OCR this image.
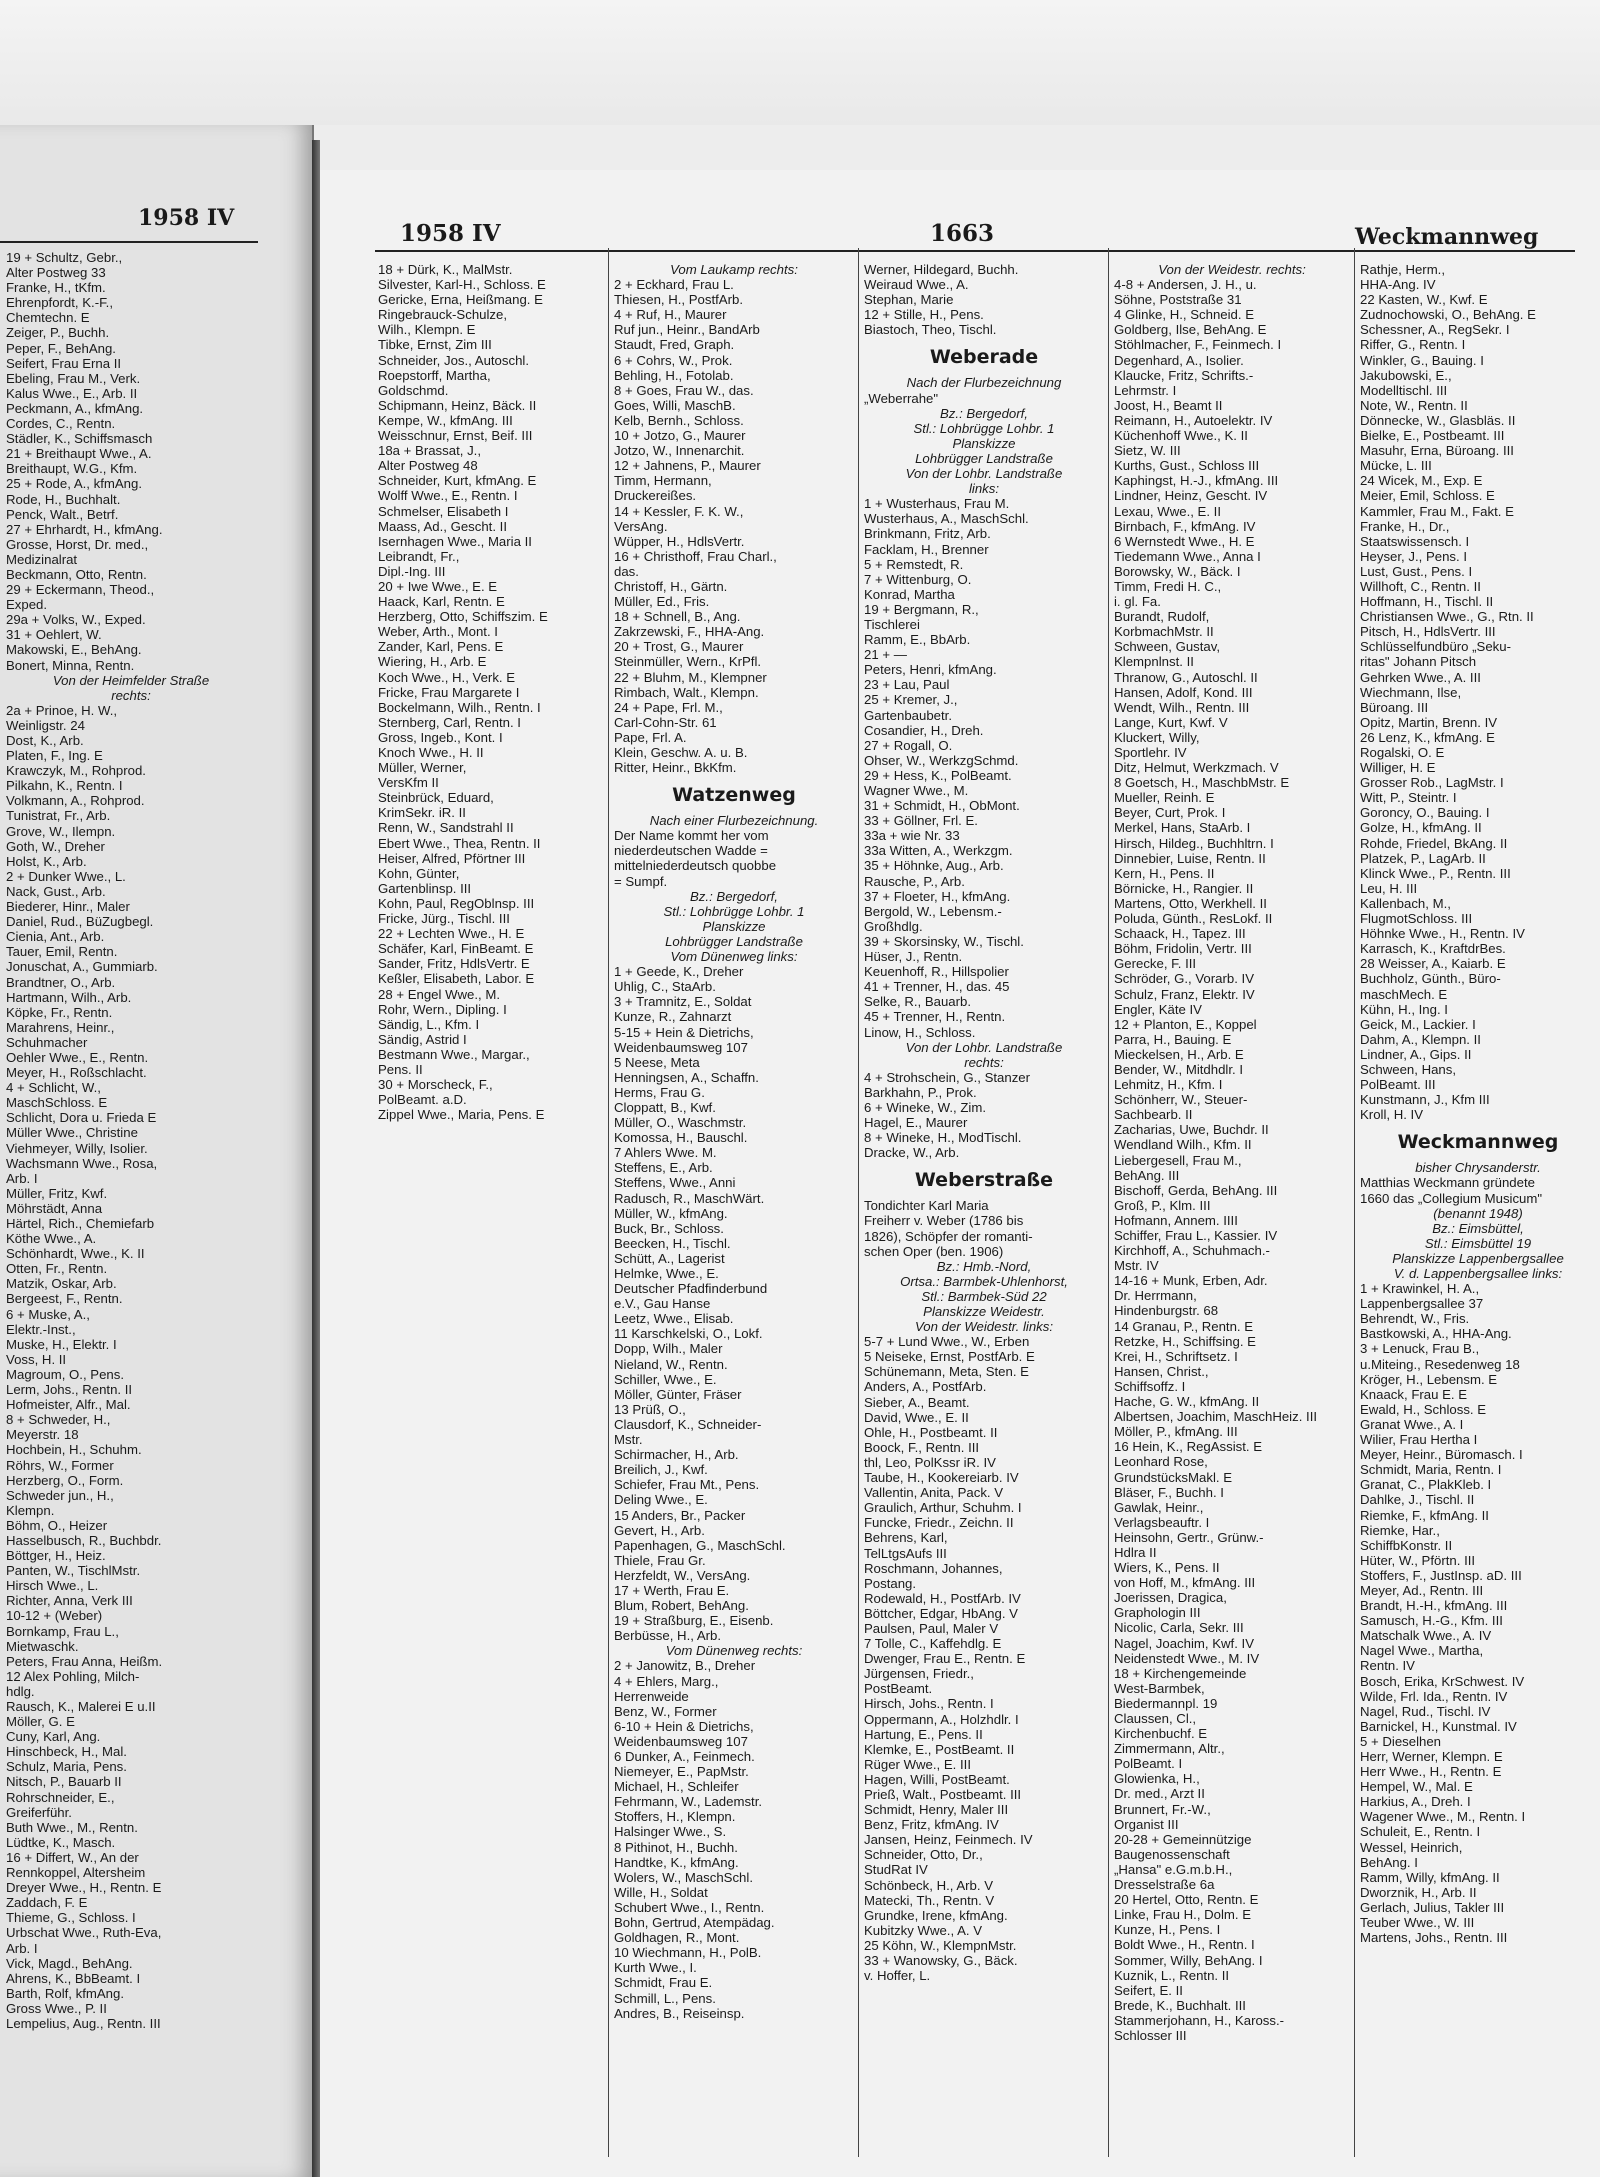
1958 IV

19 + Schultz, Gebr.,

Alter Postweg 33

Franke, H., tKfm.

Ehrenpfordt, K.-F.,

Chemtechn. E

Zeiger, P., Buchh.

Peper, F., BehAng.

Seifert, Frau Erna II

Ebeling, Frau M., Verk.

Kalus Wwe., E., Arb. II

Peckmann, A., kfmAng.

Cordes, C., Rentn.

Städler, K., Schiffsmasch

21 + Breithaupt Wwe., A.

Breithaupt, W.G., Kfm.

25 + Rode, A., kfmAng.

Rode, H., Buchhalt.

Penck, Walt., Betrf.

27 + Ehrhardt, H., kfmAng.

Grosse, Horst, Dr. med.,

Medizinalrat

Beckmann, Otto, Rentn.

29 + Eckermann, Theod.,

Exped.

29a + Volks, W., Exped.

31 + Oehlert, W.

Makowski, E., BehAng.

Bonert, Minna, Rentn.

Von der Heimfelder Straße

rechts:

2a + Prinoe, H. W.,

Weinligstr. 24

Dost, K., Arb.

Platen, F., Ing. E

Krawczyk, M., Rohprod.

Pilkahn, K., Rentn. I

Volkmann, A., Rohprod.

Tunistrat, Fr., Arb.

Grove, W., Ilempn.

Goth, W., Dreher

Holst, K., Arb.

2 + Dunker Wwe., L.

Nack, Gust., Arb.

Biederer, Hinr., Maler

Daniel, Rud., BüZugbegl.

Cienia, Ant., Arb.

Tauer, Emil, Rentn.

Jonuschat, A., Gummiarb.

Brandtner, O., Arb.

Hartmann, Wilh., Arb.

Köpke, Fr., Rentn.

Marahrens, Heinr.,

Schuhmacher

Oehler Wwe., E., Rentn.

Meyer, H., Roßschlacht.

4 + Schlicht, W.,

MaschSchloss. E

Schlicht, Dora u. Frieda E

Müller Wwe., Christine

Viehmeyer, Willy, Isolier.

Wachsmann Wwe., Rosa,

Arb. I

Müller, Fritz, Kwf.

Möhrstädt, Anna

Härtel, Rich., Chemiefarb

Köthe Wwe., A.

Schönhardt, Wwe., K. II

Otten, Fr., Rentn.

Matzik, Oskar, Arb.

Bergeest, F., Rentn.

6 + Muske, A.,

Elektr.-Inst.,

Muske, H., Elektr. I

Voss, H. II

Magroum, O., Pens.

Lerm, Johs., Rentn. II

Hofmeister, Alfr., Mal.

8 + Schweder, H.,

Meyerstr. 18

Hochbein, H., Schuhm.

Röhrs, W., Former

Herzberg, O., Form.

Schweder jun., H.,

Klempn.

Böhm, O., Heizer

Hasselbusch, R., Buchbdr.

Böttger, H., Heiz.

Panten, W., TischlMstr.

Hirsch Wwe., L.

Richter, Anna, Verk III

10-12 + (Weber)

Bornkamp, Frau L.,

Mietwaschk.

Peters, Frau Anna, Heißm.

12 Alex Pohling, Milch-

hdlg.

Rausch, K., Malerei E u.II

Möller, G. E

Cuny, Karl, Ang.

Hinschbeck, H., Mal.

Schulz, Maria, Pens.

Nitsch, P., Bauarb II

Rohrschneider, E.,

Greiferführ.

Buth Wwe., M., Rentn.

Lüdtke, K., Masch.

16 + Differt, W., An der

Rennkoppel, Altersheim

Dreyer Wwe., H., Rentn. E

Zaddach, F. E

Thieme, G., Schloss. I

Urbschat Wwe., Ruth-Eva,

Arb. I

Vick, Magd., BehAng.

Ahrens, K., BbBeamt. I

Barth, Rolf, kfmAng.

Gross Wwe., P. II

Lempelius, Aug., Rentn. III

1958 IV	1663	Weckmannweg

18 + Dürk, K., MalMstr.

Silvester, Karl-H., Schloss. E

Gericke, Erna, Heißmang. E

Ringebrauck-Schulze,

Wilh., Klempn. E

Tibke, Ernst, Zim III

Schneider, Jos., Autoschl.

Roepstorff, Martha,

Goldschmd.

Schipmann, Heinz, Bäck. II

Kempe, W., kfmAng. III

Weisschnur, Ernst, Beif. III

18a + Brassat, J.,

Alter Postweg 48

Schneider, Kurt, kfmAng. E

Wolff Wwe., E., Rentn. I

Schmelser, Elisabeth I

Maass, Ad., Gescht. II

Isernhagen Wwe., Maria II

Leibrandt, Fr.,

Dipl.-Ing. III

20 + Iwe Wwe., E. E

Haack, Karl, Rentn. E

Herzberg, Otto, Schiffszim. E

Weber, Arth., Mont. I

Zander, Karl, Pens. E

Wiering, H., Arb. E

Koch Wwe., H., Verk. E

Fricke, Frau Margarete I

Bockelmann, Wilh., Rentn. I

Sternberg, Carl, Rentn. I

Gross, Ingeb., Kont. I

Knoch Wwe., H. II

Müller, Werner,

VersKfm II

Steinbrück, Eduard,

KrimSekr. iR. II

Renn, W., Sandstrahl II

Ebert Wwe., Thea, Rentn. II

Heiser, Alfred, Pförtner III

Kohn, Günter,

Gartenblinsp. III

Kohn, Paul, RegOblnsp. III

Fricke, Jürg., Tischl. III

22 + Lechten Wwe., H. E

Schäfer, Karl, FinBeamt. E

Sander, Fritz, HdlsVertr. E

Keßler, Elisabeth, Labor. E

28 + Engel Wwe., M.

Rohr, Wern., Dipling. I

Sändig, L., Kfm. I

Sändig, Astrid I

Bestmann Wwe., Margar.,

Pens. II

30 + Morscheck, F.,

PolBeamt. a.D.

Zippel Wwe., Maria, Pens. E

Vom Laukamp rechts:

2 + Eckhard, Frau L.

Thiesen, H., PostfArb.

4 + Ruf, H., Maurer

Ruf jun., Heinr., BandArb

Staudt, Fred, Graph.

6 + Cohrs, W., Prok.

Behling, H., Fotolab.

8 + Goes, Frau W., das.

Goes, Willi, MaschB.

Kelb, Bernh., Schloss.

10 + Jotzo, G., Maurer

Jotzo, W., Innenarchit.

12 + Jahnens, P., Maurer

Timm, Hermann,

Druckereißes.

14 + Kessler, F. K. W.,

VersAng.

Wüpper, H., HdlsVertr.

16 + Christhoff, Frau Charl.,

das.

Christoff, H., Gärtn.

Müller, Ed., Fris.

18 + Schnell, B., Ang.

Zakrzewski, F., HHA-Ang.

20 + Trost, G., Maurer

Steinmüller, Wern., KrPfl.

22 + Bluhm, M., Klempner

Rimbach, Walt., Klempn.

24 + Pape, Frl. M.,

Carl-Cohn-Str. 61

Pape, Frl. A.

Klein, Geschw. A. u. B.

Ritter, Heinr., BkKfm.

Watzenweg

Nach einer Flurbezeichnung.

Der Name kommt her vom

niederdeutschen Wadde =

mittelniederdeutsch quobbe

= Sumpf.

Bz.: Bergedorf,

Stl.: Lohbrügge Lohbr. 1

Planskizze

Lohbrügger Landstraße

Vom Dünenweg links:

1 + Geede, K., Dreher

Uhlig, C., StaArb.

3 + Tramnitz, E., Soldat

Kunze, R., Zahnarzt

5-15 + Hein & Dietrichs,

Weidenbaumsweg 107

5 Neese, Meta

Henningsen, A., Schaffn.

Herms, Frau G.

Cloppatt, B., Kwf.

Müller, O., Waschmstr.

Komossa, H., Bauschl.

7 Ahlers Wwe. M.

Steffens, E., Arb.

Steffens, Wwe., Anni

Radusch, R., MaschWärt.

Müller, W., kfmAng.

Buck, Br., Schloss.

Beecken, H., Tischl.

Schütt, A., Lagerist

Helmke, Wwe., E.

Deutscher Pfadfinderbund

e.V., Gau Hanse

Leetz, Wwe., Elisab.

11 Karschkelski, O., Lokf.

Dopp, Wilh., Maler

Nieland, W., Rentn.

Schiller, Wwe., E.

Möller, Günter, Fräser

13 Prüß, O.,

Clausdorf, K., Schneider-

Mstr.

Schirmacher, H., Arb.

Breilich, J., Kwf.

Schiefer, Frau Mt., Pens.

Deling Wwe., E.

15 Anders, Br., Packer

Gevert, H., Arb.

Papenhagen, G., MaschSchl.

Thiele, Frau Gr.

Herzfeldt, W., VersAng.

17 + Werth, Frau E.

Blum, Robert, BehAng.

19 + Straßburg, E., Eisenb.

Berbüsse, H., Arb.

Vom Dünenweg rechts:

2 + Janowitz, B., Dreher

4 + Ehlers, Marg.,

Herrenweide

Benz, W., Former

6-10 + Hein & Dietrichs,

Weidenbaumsweg 107

6 Dunker, A., Feinmech.

Niemeyer, E., PapMstr.

Michael, H., Schleifer

Fehrmann, W., Lademstr.

Stoffers, H., Klempn.

Halsinger Wwe., S.

8 Pithinot, H., Buchh.

Handtke, K., kfmAng.

Wolers, W., MaschSchl.

Wille, H., Soldat

Schubert Wwe., I., Rentn.

Bohn, Gertrud, Atempädag.

Goldhagen, R., Mont.

10 Wiechmann, H., PolB.

Kurth Wwe., I.

Schmidt, Frau E.

Schmill, L., Pens.

Andres, B., Reiseinsp.

Werner, Hildegard, Buchh.

Weiraud Wwe., A.

Stephan, Marie

12 + Stille, H., Pens.

Biastoch, Theo, Tischl.

Weberade

Nach der Flurbezeichnung

„Weberrahe"

Bz.: Bergedorf,

Stl.: Lohbrügge Lohbr. 1

Planskizze

Lohbrügger Landstraße

Von der Lohbr. Landstraße

links:

1 + Wusterhaus, Frau M.

Wusterhaus, A., MaschSchl.

Brinkmann, Fritz, Arb.

Facklam, H., Brenner

5 + Remstedt, R.

7 + Wittenburg, O.

Konrad, Martha

19 + Bergmann, R.,

Tischlerei

Ramm, E., BbArb.

21 + —

Peters, Henri, kfmAng.

23 + Lau, Paul

25 + Kremer, J.,

Gartenbaubetr.

Cosandier, H., Dreh.

27 + Rogall, O.

Ohser, W., WerkzgSchmd.

29 + Hess, K., PolBeamt.

Wagner Wwe., M.

31 + Schmidt, H., ObMont.

33 + Göllner, Frl. E.

33a + wie Nr. 33

33a Witten, A., Werkzgm.

35 + Höhnke, Aug., Arb.

Rausche, P., Arb.

37 + Floeter, H., kfmAng.

Bergold, W., Lebensm.-

Großhdlg.

39 + Skorsinsky, W., Tischl.

Hüser, J., Rentn.

Keuenhoff, R., Hillspolier

41 + Trenner, H., das. 45

Selke, R., Bauarb.

45 + Trenner, H., Rentn.

Linow, H., Schloss.

Von der Lohbr. Landstraße

rechts:

4 + Strohschein, G., Stanzer

Barkhahn, P., Prok.

6 + Wineke, W., Zim.

Hagel, E., Maurer

8 + Wineke, H., ModTischl.

Dracke, W., Arb.

Weberstraße

Tondichter Karl Maria

Freiherr v. Weber (1786 bis

1826), Schöpfer der romanti-

schen Oper (ben. 1906)

Bz.: Hmb.-Nord,

Ortsa.: Barmbek-Uhlenhorst,

Stl.: Barmbek-Süd 22

Planskizze Weidestr.

Von der Weidestr. links:

5-7 + Lund Wwe., W., Erben

5 Neiseke, Ernst, PostfArb. E

Schünemann, Meta, Sten. E

Anders, A., PostfArb.

Sieber, A., Beamt.

David, Wwe., E. II

Ohle, H., Postbeamt. II

Boock, F., Rentn. III

thl, Leo, PolKssr iR. IV

Taube, H., Kookereiarb. IV

Vallentin, Anita, Pack. V

Graulich, Arthur, Schuhm. I

Funcke, Friedr., Zeichn. II

Behrens, Karl,

TelLtgsAufs III

Roschmann, Johannes,

Postang.

Rodewald, H., PostfArb. IV

Böttcher, Edgar, HbAng. V

Paulsen, Paul, Maler V

7 Tolle, C., Kaffehdlg. E

Dwenger, Frau E., Rentn. E

Jürgensen, Friedr.,

PostBeamt.

Hirsch, Johs., Rentn. I

Oppermann, A., Holzhdlr. I

Hartung, E., Pens. II

Klemke, E., PostBeamt. II

Rüger Wwe., E. III

Hagen, Willi, PostBeamt.

Prieß, Walt., Postbeamt. III

Schmidt, Henry, Maler III

Benz, Fritz, kfmAng. IV

Jansen, Heinz, Feinmech. IV

Schneider, Otto, Dr.,

StudRat IV

Schönbeck, H., Arb. V

Matecki, Th., Rentn. V

Grundke, Irene, kfmAng.

Kubitzky Wwe., A. V

25 Köhn, W., KlempnMstr.

33 + Wanowsky, G., Bäck.

v. Hoffer, L.

Von der Weidestr. rechts:

4-8 + Andersen, J. H., u.

Söhne, Poststraße 31

4 Glinke, H., Schneid. E

Goldberg, Ilse, BehAng. E

Stöhlmacher, F., Feinmech. I

Degenhard, A., Isolier.

Klaucke, Fritz, Schrifts.-

Lehrmstr. I

Joost, H., Beamt II

Reimann, H., Autoelektr. IV

Küchenhoff Wwe., K. II

Sietz, W. III

Kurths, Gust., Schloss III

Kaphingst, H.-J., kfmAng. III

Lindner, Heinz, Gescht. IV

Lexau, Wwe., E. II

Birnbach, F., kfmAng. IV

6 Wernstedt Wwe., H. E

Tiedemann Wwe., Anna I

Borowsky, W., Bäck. I

Timm, Fredi H. C.,

i. gl. Fa.

Burandt, Rudolf,

KorbmachMstr. II

Schween, Gustav,

Klempnlnst. II

Thranow, G., Autoschl. II

Hansen, Adolf, Kond. III

Wendt, Wilh., Rentn. III

Lange, Kurt, Kwf. V

Kluckert, Willy,

Sportlehr. IV

Ditz, Helmut, Werkzmach. V

8 Goetsch, H., MaschbMstr. E

Mueller, Reinh. E

Beyer, Curt, Prok. I

Merkel, Hans, StaArb. I

Hirsch, Hildeg., Buchhltrn. I

Dinnebier, Luise, Rentn. II

Kern, H., Pens. II

Börnicke, H., Rangier. II

Martens, Otto, Werkhell. II

Poluda, Günth., ResLokf. II

Schaack, H., Tapez. III

Böhm, Fridolin, Vertr. III

Gerecke, F. III

Schröder, G., Vorarb. IV

Schulz, Franz, Elektr. IV

Engler, Käte IV

12 + Planton, E., Koppel

Parra, H., Bauing. E

Mieckelsen, H., Arb. E

Bender, W., Mitdhdlr. I

Lehmitz, H., Kfm. I

Schönherr, W., Steuer-

Sachbearb. II

Zacharias, Uwe, Buchdr. II

Wendland Wilh., Kfm. II

Liebergesell, Frau M.,

BehAng. III

Bischoff, Gerda, BehAng. III

Groß, P., Klm. III

Hofmann, Annem. IIII

Schiffer, Frau L., Kassier. IV

Kirchhoff, A., Schuhmach.-

Mstr. IV

14-16 + Munk, Erben, Adr.

Dr. Herrmann,

Hindenburgstr. 68

14 Granau, P., Rentn. E

Retzke, H., Schiffsing. E

Krei, H., Schriftsetz. I

Hansen, Christ.,

Schiffsoffz. I

Hache, G. W., kfmAng. II

Albertsen, Joachim, MaschHeiz. III

Möller, P., kfmAng. III

16 Hein, K., RegAssist. E

Leonhard Rose,

GrundstücksMakl. E

Bläser, F., Buchh. I

Gawlak, Heinr.,

Verlagsbeauftr. I

Heinsohn, Gertr., Grünw.-

Hdlra II

Wiers, K., Pens. II

von Hoff, M., kfmAng. III

Joerissen, Dragica,

Graphologin III

Nicolic, Carla, Sekr. III

Nagel, Joachim, Kwf. IV

Neidenstedt Wwe., M. IV

18 + Kirchengemeinde

West-Barmbek,

Biedermannpl. 19

Claussen, Cl.,

Kirchenbuchf. E

Zimmermann, Altr.,

PolBeamt. I

Glowienka, H.,

Dr. med., Arzt II

Brunnert, Fr.-W.,

Organist III

20-28 + Gemeinnützige

Baugenossenschaft

„Hansa" e.G.m.b.H.,

Dresselstraße 6a

20 Hertel, Otto, Rentn. E

Linke, Frau H., Dolm. E

Kunze, H., Pens. I

Boldt Wwe., H., Rentn. I

Sommer, Willy, BehAng. I

Kuznik, L., Rentn. II

Seifert, E. II

Brede, K., Buchhalt. III

Stammerjohann, H., Kaross.-

Schlosser III

Rathje, Herm.,

HHA-Ang. IV

22 Kasten, W., Kwf. E

Zudnochowski, O., BehAng. E

Schessner, A., RegSekr. I

Riffer, G., Rentn. I

Winkler, G., Bauing. I

Jakubowski, E.,

Modelltischl. III

Note, W., Rentn. II

Dönnecke, W., Glasbläs. II

Bielke, E., Postbeamt. III

Masuhr, Erna, Büroang. III

Mücke, L. III

24 Wicek, M., Exp. E

Meier, Emil, Schloss. E

Kammler, Frau M., Fakt. E

Franke, H., Dr.,

Staatswissensch. I

Heyser, J., Pens. I

Lust, Gust., Pens. I

Willhoft, C., Rentn. II

Hoffmann, H., Tischl. II

Christiansen Wwe., G., Rtn. II

Pitsch, H., HdlsVertr. III

Schlüsselfundbüro „Seku-

ritas" Johann Pitsch

Gehrken Wwe., A. III

Wiechmann, Ilse,

Büroang. III

Opitz, Martin, Brenn. IV

26 Lenz, K., kfmAng. E

Rogalski, O. E

Williger, H. E

Grosser Rob., LagMstr. I

Witt, P., Steintr. I

Goroncy, O., Bauing. I

Golze, H., kfmAng. II

Rohde, Friedel, BkAng. II

Platzek, P., LagArb. II

Klinck Wwe., P., Rentn. III

Leu, H. III

Kallenbach, M.,

FlugmotSchloss. III

Höhnke Wwe., H., Rentn. IV

Karrasch, K., KraftdrBes.

28 Weisser, A., Kaiarb. E

Buchholz, Günth., Büro-

maschMech. E

Kühn, H., Ing. I

Geick, M., Lackier. I

Dahm, A., Klempn. II

Lindner, A., Gips. II

Schween, Hans,

PolBeamt. III

Kunstmann, J., Kfm III

Kroll, H. IV

Weckmannweg

bisher Chrysanderstr.

Matthias Weckmann gründete

1660 das „Collegium Musicum"

(benannt 1948)

Bz.: Eimsbüttel,

Stl.: Eimsbüttel 19

Planskizze Lappenbergsallee

V. d. Lappenbergsallee links:

1 + Krawinkel, H. A.,

Lappenbergsallee 37

Behrendt, W., Fris.

Bastkowski, A., HHA-Ang.

3 + Lenuck, Frau B.,

u.Miteing., Resedenweg 18

Kröger, H., Lebensm. E

Knaack, Frau E. E

Ewald, H., Schloss. E

Granat Wwe., A. I

Wilier, Frau Hertha I

Meyer, Heinr., Büromasch. I

Schmidt, Maria, Rentn. I

Granat, C., PlakKleb. I

Dahlke, J., Tischl. II

Riemke, F., kfmAng. II

Riemke, Har.,

SchiffbKonstr. II

Hüter, W., Pförtn. III

Stoffers, F., JustInsp. aD. III

Meyer, Ad., Rentn. III

Brandt, H.-H., kfmAng. III

Samusch, H.-G., Kfm. III

Matschalk Wwe., A. IV

Nagel Wwe., Martha,

Rentn. IV

Bosch, Erika, KrSchwest. IV

Wilde, Frl. Ida., Rentn. IV

Nagel, Rud., Tischl. IV

Barnickel, H., Kunstmal. IV

5 + Dieselhen

Herr, Werner, Klempn. E

Herr Wwe., H., Rentn. E

Hempel, W., Mal. E

Harkius, A., Dreh. I

Wagener Wwe., M., Rentn. I

Schuleit, E., Rentn. I

Wessel, Heinrich,

BehAng. I

Ramm, Willy, kfmAng. II

Dworznik, H., Arb. II

Gerlach, Julius, Takler III

Teuber Wwe., W. III

Martens, Johs., Rentn. III
